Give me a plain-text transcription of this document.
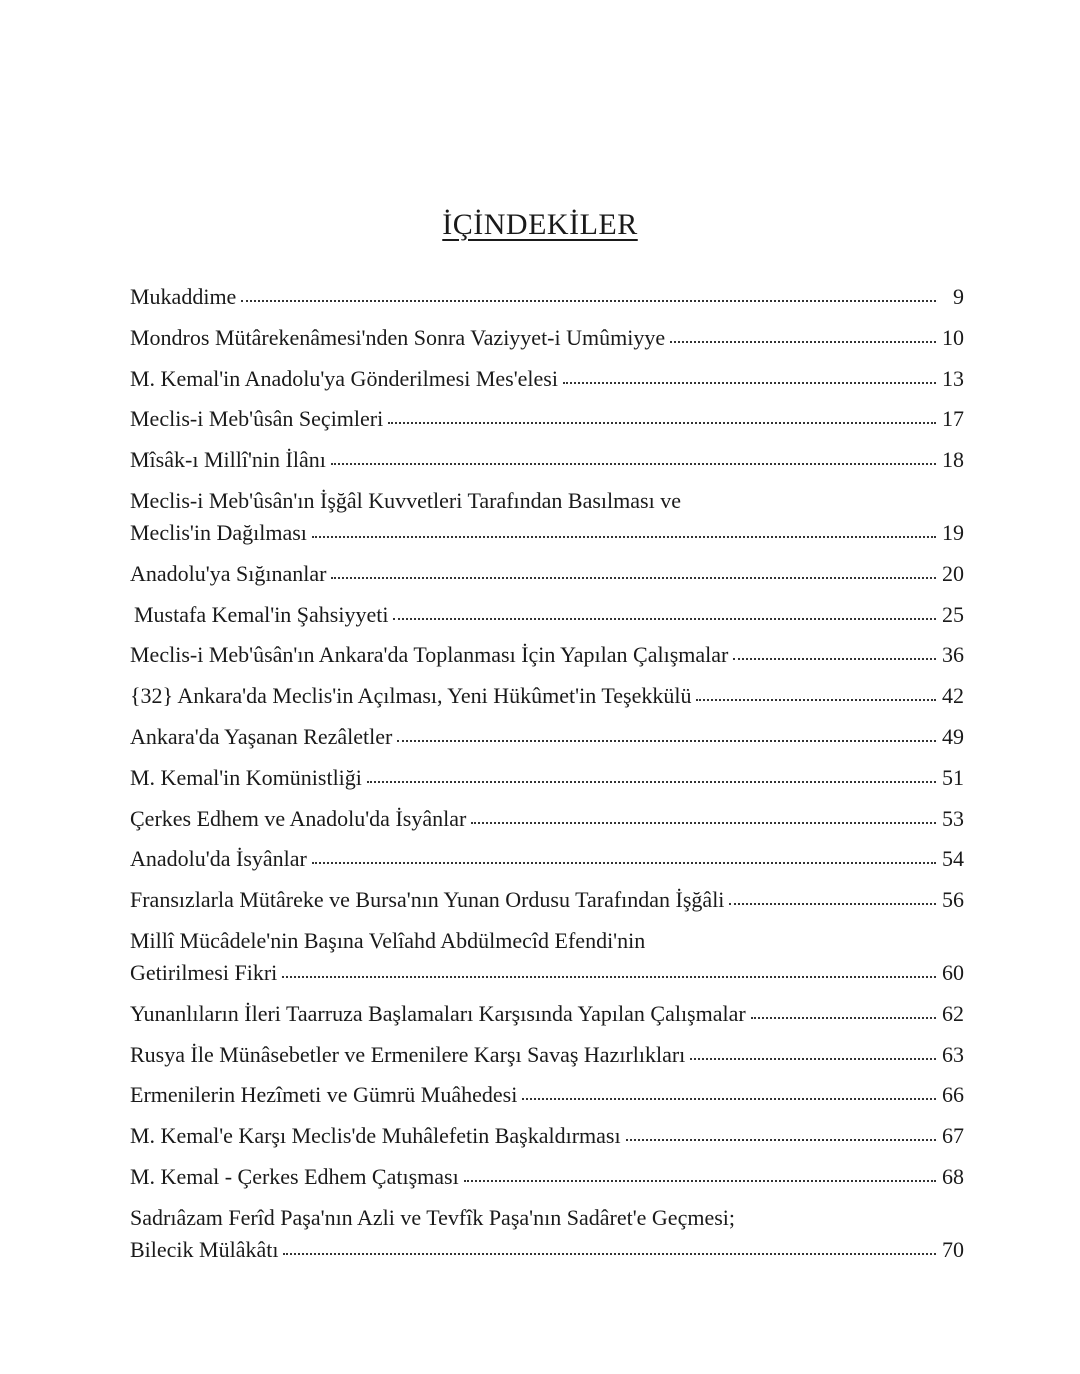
İÇİNDEKİLER
Mukaddime	9
Mondros Mütârekenâmesi'nden Sonra Vaziyyet-i Umûmiyye	10
M. Kemal'in Anadolu'ya Gönderilmesi Mes'elesi	13
Meclis-i Meb'ûsân Seçimleri	17
Mîsâk-ı Millî'nin İlânı	18
Meclis-i Meb'ûsân'ın İşğâl Kuvvetleri Tarafından Basılması ve
Meclis'in Dağılması	19
Anadolu'ya Sığınanlar	20
Mustafa Kemal'in Şahsiyyeti	25
Meclis-i Meb'ûsân'ın Ankara'da Toplanması İçin Yapılan Çalışmalar	36
{32} Ankara'da Meclis'in Açılması, Yeni Hükûmet'in Teşekkülü	42
Ankara'da Yaşanan Rezâletler	49
M. Kemal'in Komünistliği	51
Çerkes Edhem ve Anadolu'da İsyânlar	53
Anadolu'da İsyânlar	54
Fransızlarla Mütâreke ve Bursa'nın Yunan Ordusu Tarafından İşğâli	56
Millî Mücâdele'nin Başına Velîahd Abdülmecîd Efendi'nin
Getirilmesi Fikri	60
Yunanlıların İleri Taarruza Başlamaları Karşısında Yapılan Çalışmalar	62
Rusya İle Münâsebetler ve Ermenilere Karşı Savaş Hazırlıkları	63
Ermenilerin Hezîmeti ve Gümrü Muâhedesi	66
M. Kemal'e Karşı Meclis'de Muhâlefetin Başkaldırması	67
M. Kemal - Çerkes Edhem Çatışması	68
Sadrıâzam Ferîd Paşa'nın Azli ve Tevfîk Paşa'nın Sadâret'e Geçmesi;
Bilecik Mülâkâtı	70
